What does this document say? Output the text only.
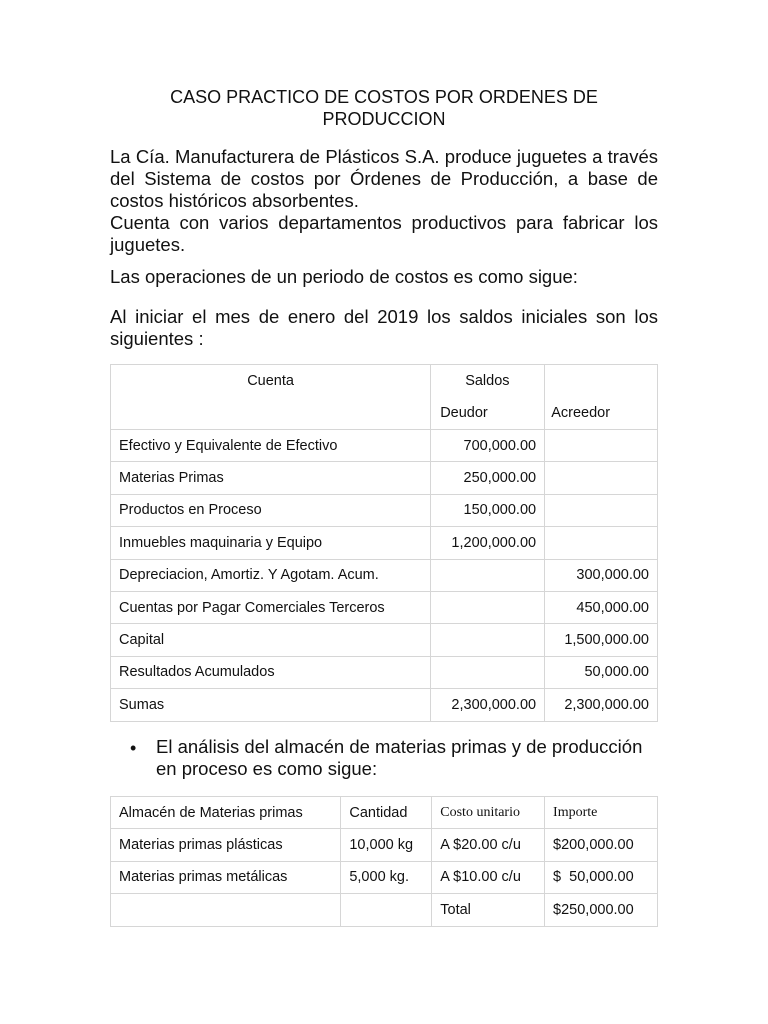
CASO PRACTICO DE COSTOS POR ORDENES DE
PRODUCCION
La Cía. Manufacturera de Plásticos S.A. produce juguetes a través del Sistema de costos por Órdenes de Producción, a base de costos históricos absorbentes.
Cuenta con varios departamentos productivos para fabricar los juguetes.
Las operaciones de un periodo de costos es como sigue:
Al iniciar el mes de enero del 2019 los saldos iniciales son los siguientes :
Cuenta	Saldos
Deudor Acreedor	

Efectivo y Equivalente de Efectivo	700,000.00	
Materias Primas	250,000.00	
Productos en Proceso	150,000.00	
Inmuebles maquinaria y Equipo	1,200,000.00	
Depreciacion, Amortiz. Y Agotam. Acum.		300,000.00
Cuentas por Pagar Comerciales Terceros		450,000.00
Capital		1,500,000.00
Resultados Acumulados		50,000.00
Sumas	2,300,000.00	2,300,000.00
• El análisis del almacén de materias primas y de producción en proceso es como sigue:
Almacén de Materias primas	Cantidad	Costo unitario	Importe
Materias primas plásticas	10,000 kg	A $20.00 c/u	$200,000.00
Materias primas metálicas	5,000 kg.	A $10.00 c/u	$  50,000.00
		Total	$250,000.00
